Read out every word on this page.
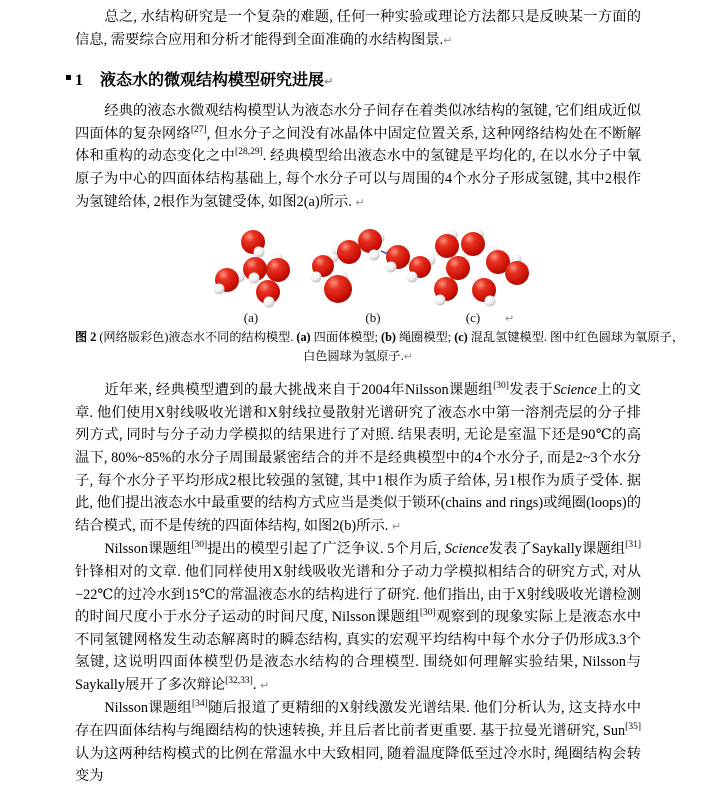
总之, 水结构研究是一个复杂的难题, 任何一种实验或理论方法都只是反映某一方面的信息, 需要综合应用和分析才能得到全面准确的水结构图景.↵

1 液态水的微观结构模型研究进展 ↵

经典的液态水微观结构模型认为液态水分子间存在着类似冰结构的氢键, 它们组成近似四面体的复杂网络[27], 但水分子之间没有冰晶体中固定位置关系, 这种网络结构处在不断解体和重构的动态变化之中[28,29]. 经典模型给出液态水中的氢键是平均化的, 在以水分子中氧原子为中心的四面体结构基础上, 每个水分子可以与周围的4个水分子形成氢键, 其中2根作为氢键给体, 2根作为氢键受体, 如图2(a)所示. ↵

(a)	(b)	(c) ↵
图 2 (网络版彩色)液态水不同的结构模型. (a) 四面体模型; (b) 绳圈模型; (c) 混乱氢键模型. 图中红色圆球为氧原子，
白色圆球为氢原子.↵

近年来, 经典模型遭到的最大挑战来自于2004年Nilsson课题组[30]发表于Science上的文章. 他们使用X射线吸收光谱和X射线拉曼散射光谱研究了液态水中第一溶剂壳层的分子排列方式, 同时与分子动力学模拟的结果进行了对照. 结果表明, 无论是室温下还是90℃的高温下, 80%~85%的水分子周围最紧密结合的并不是经典模型中的4个水分子, 而是2~3个水分子, 每个水分子平均形成2根比较强的氢键, 其中1根作为质子给体, 另1根作为质子受体. 据此, 他们提出液态水中最重要的结构方式应当是类似于锁环(chains and rings)或绳圈(loops)的结合模式, 而不是传统的四面体结构, 如图2(b)所示. ↵

Nilsson课题组[30]提出的模型引起了广泛争议. 5个月后, Science发表了Saykally课题组[31]针锋相对的文章. 他们同样使用X射线吸收光谱和分子动力学模拟相结合的研究方式, 对从−22℃的过冷水到15℃的常温液态水的结构进行了研究. 他们指出, 由于X射线吸收光谱检测的时间尺度小于水分子运动的时间尺度, Nilsson课题组[30]观察到的现象实际上是液态水中不同氢键网格发生动态解离时的瞬态结构, 真实的宏观平均结构中每个水分子仍形成3.3个氢键, 这说明四面体模型仍是液态水结构的合理模型. 围绕如何理解实验结果, Nilsson与Saykally展开了多次辩论[32,33]. ↵

Nilsson课题组[34]随后报道了更精细的X射线激发光谱结果. 他们分析认为, 这支持水中存在四面体结构与绳圈结构的快速转换, 并且后者比前者更重要. 基于拉曼光谱研究, Sun[35]认为这两种结构模式的比例在常温水中大致相同, 随着温度降低至过冷水时, 绳圈结构会转变为
